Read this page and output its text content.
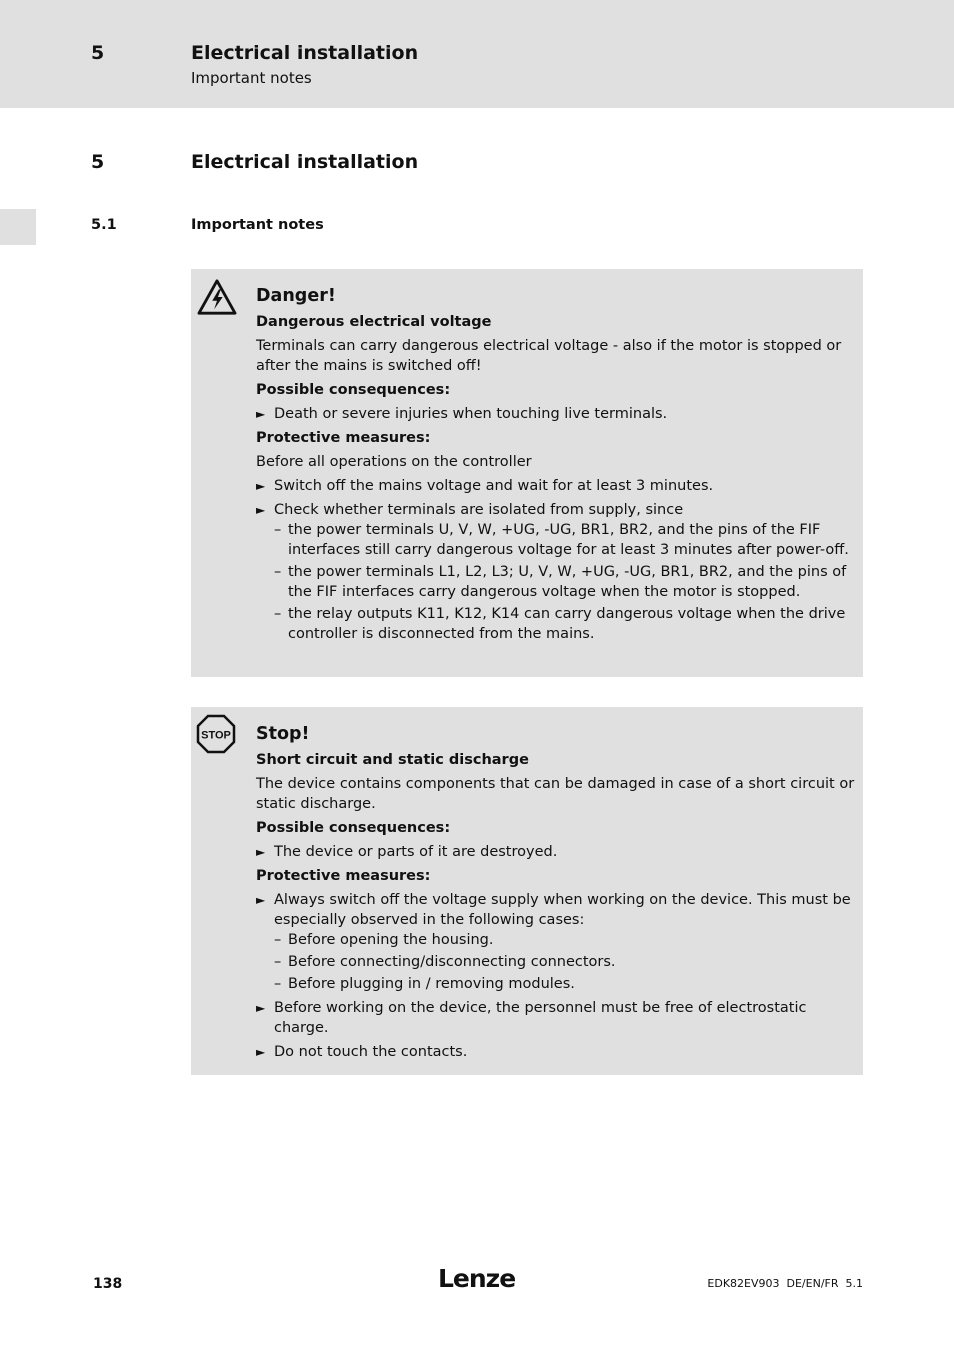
5	Electrical installation
Important notes
5	Electrical installation
5.1	Important notes
Danger!
Dangerous electrical voltage
Terminals can carry dangerous electrical voltage - also if the motor is stopped or after the mains is switched off!
Possible consequences:
► Death or severe injuries when touching live terminals.
Protective measures:
Before all operations on the controller
► Switch off the mains voltage and wait for at least 3 minutes.
► Check whether terminals are isolated from supply, since
– the power terminals U, V, W, +UG, -UG, BR1, BR2, and the pins of the FIF interfaces still carry dangerous voltage for at least 3 minutes after power-off.
– the power terminals L1, L2, L3; U, V, W, +UG, -UG, BR1, BR2, and the pins of the FIF interfaces carry dangerous voltage when the motor is stopped.
– the relay outputs K11, K12, K14 can carry dangerous voltage when the drive controller is disconnected from the mains.
STOP Stop!
Short circuit and static discharge
The device contains components that can be damaged in case of a short circuit or static discharge.
Possible consequences:
► The device or parts of it are destroyed.
Protective measures:
► Always switch off the voltage supply when working on the device. This must be especially observed in the following cases:
– Before opening the housing.
– Before connecting/disconnecting connectors.
– Before plugging in / removing modules.
► Before working on the device, the personnel must be free of electrostatic charge.
► Do not touch the contacts.
138	Lenze	EDK82EV903  DE/EN/FR  5.1
